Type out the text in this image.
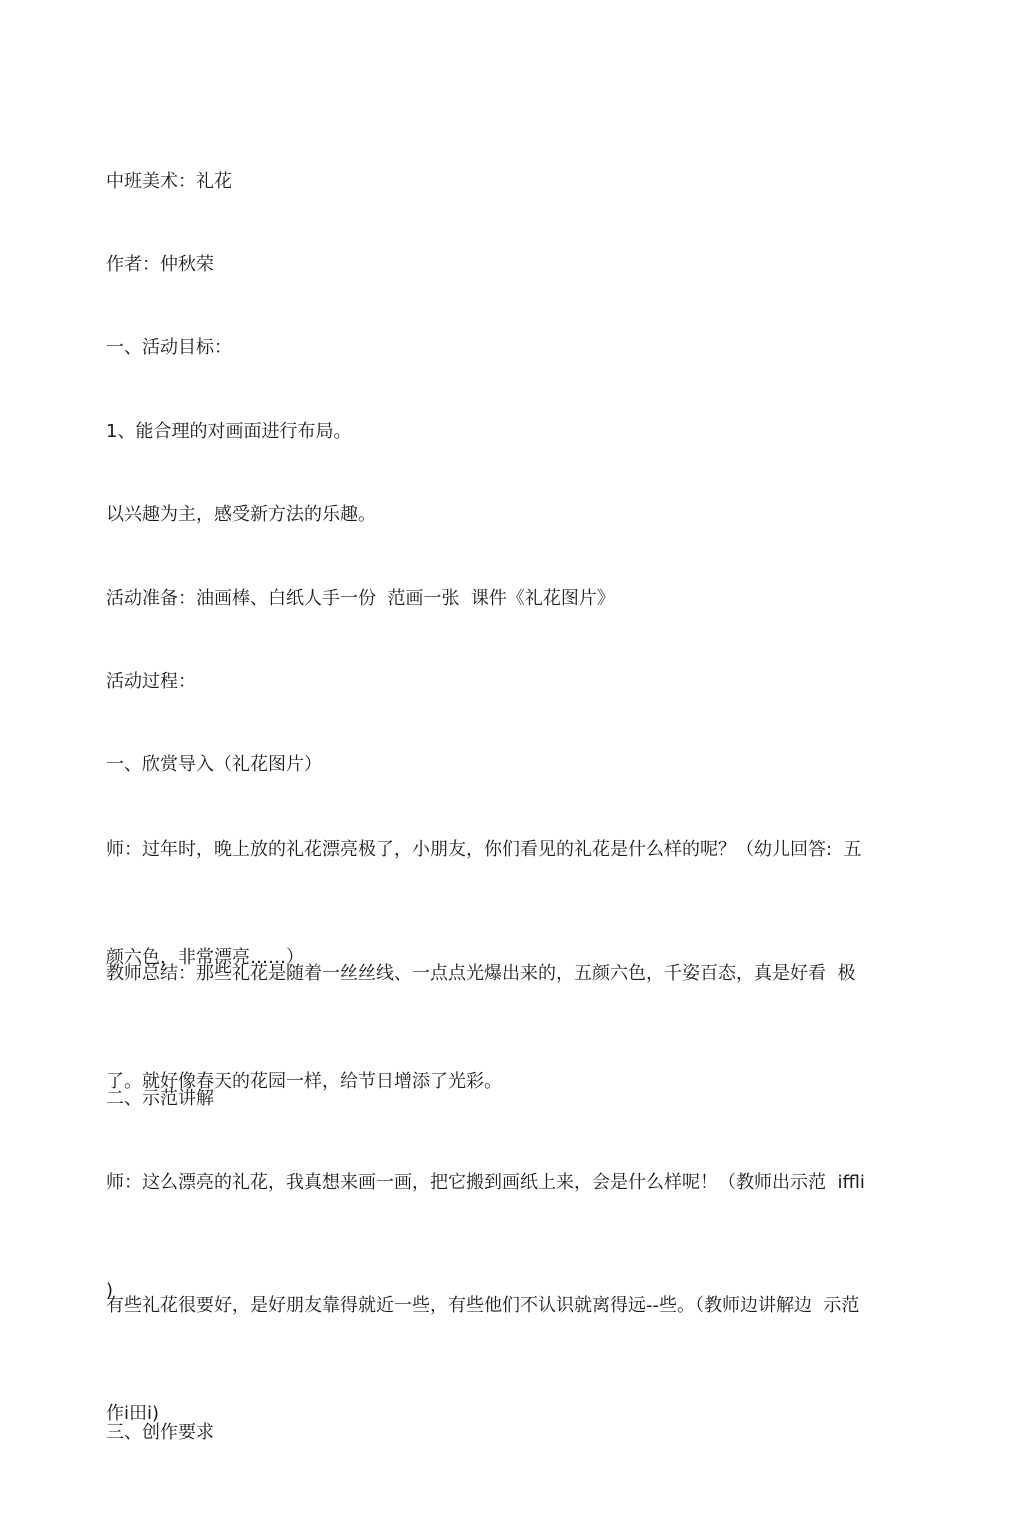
中班美术：礼花

作者：仲秋荣

一、活动目标：

1、能合理的对画面进行布局。

以兴趣为主，感受新方法的乐趣。

活动准备：油画棒、白纸人手一份  范画一张  课件《礼花图片》

活动过程：

一、欣赏导入（礼花图片）

师：过年时，晚上放的礼花漂亮极了，小朋友，你们看见的礼花是什么样的呢？（幼儿回答:  五

颜六色，非常漂亮……）

教师总结：那些礼花是随着一丝丝线、一点点光爆出来的，五颜六色，千姿百态，真是好看  极

了。就好像春天的花园一样，给节日增添了光彩。

二、示范讲解

师：这么漂亮的礼花，我真想来画一画，把它搬到画纸上来，会是什么样呢！（教师出示范  iffli

)

有些礼花很要好，是好朋友靠得就近一些，有些他们不认识就离得远--些。（教师边讲解边  示范

作i田i)

三、创作要求
